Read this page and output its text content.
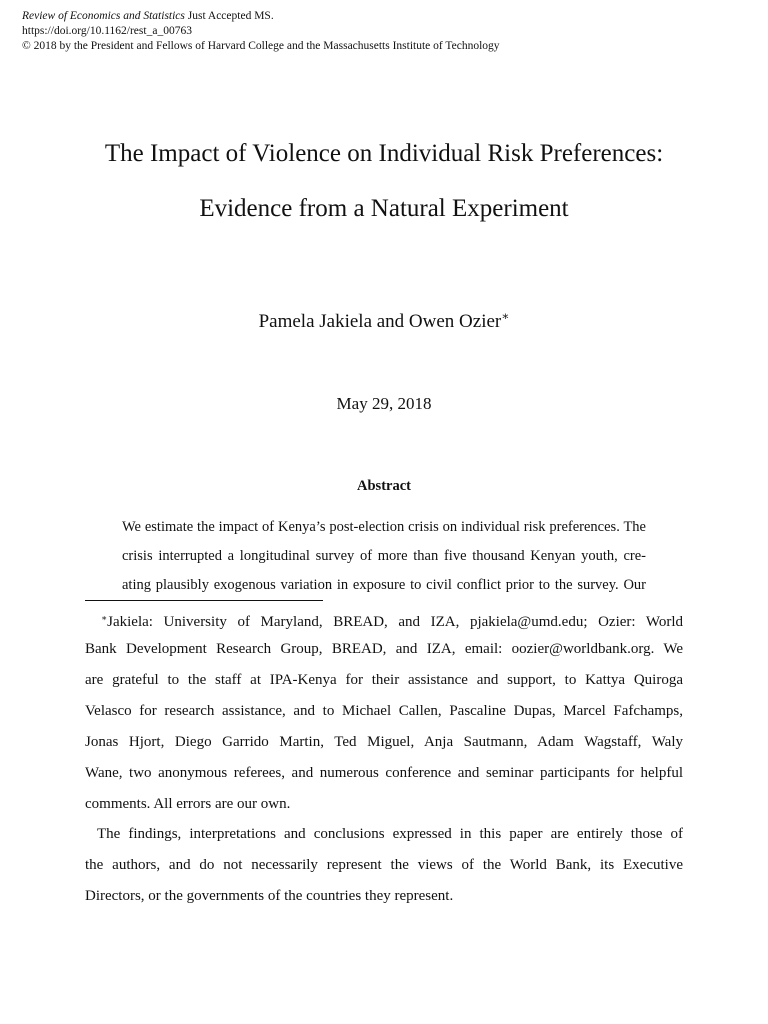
Review of Economics and Statistics Just Accepted MS.
https://doi.org/10.1162/rest_a_00763
© 2018 by the President and Fellows of Harvard College and the Massachusetts Institute of Technology
The Impact of Violence on Individual Risk Preferences:
Evidence from a Natural Experiment
Pamela Jakiela and Owen Ozier∗
May 29, 2018
Abstract
We estimate the impact of Kenya’s post-election crisis on individual risk preferences. The
crisis interrupted a longitudinal survey of more than five thousand Kenyan youth, cre-
ating plausibly exogenous variation in exposure to civil conflict prior to the survey. Our
∗Jakiela: University of Maryland, BREAD, and IZA, pjakiela@umd.edu; Ozier: World
Bank Development Research Group, BREAD, and IZA, email: oozier@worldbank.org. We
are grateful to the staff at IPA-Kenya for their assistance and support, to Kattya Quiroga
Velasco for research assistance, and to Michael Callen, Pascaline Dupas, Marcel Fafchamps,
Jonas Hjort, Diego Garrido Martin, Ted Miguel, Anja Sautmann, Adam Wagstaff, Waly
Wane, two anonymous referees, and numerous conference and seminar participants for helpful
comments. All errors are our own.
The findings, interpretations and conclusions expressed in this paper are entirely those of
the authors, and do not necessarily represent the views of the World Bank, its Executive
Directors, or the governments of the countries they represent.
